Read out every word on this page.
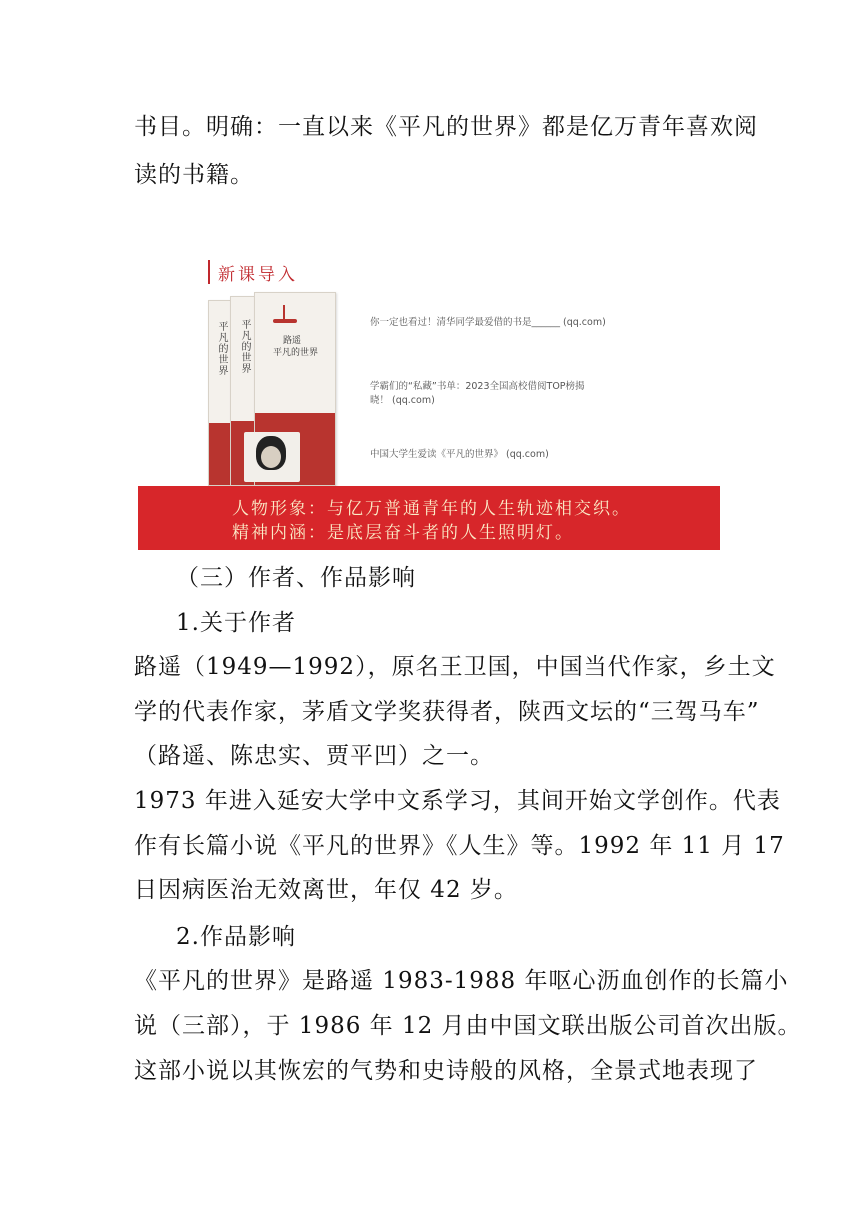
书目。明确：一直以来《平凡的世界》都是亿万青年喜欢阅
读的书籍。
新课导入
平凡的世界 平凡的世界	路遥
平凡的世界
你一定也看过！清华同学最爱借的书是______ (qq.com)
学霸们的“私藏”书单：2023全国高校借阅TOP榜揭
晓！ (qq.com)
中国大学生爱读《平凡的世界》 (qq.com)
人物形象：与亿万普通青年的人生轨迹相交织。
精神内涵：是底层奋斗者的人生照明灯。
（三）作者、作品影响
1.关于作者
路遥（1949—1992），原名王卫国，中国当代作家，乡土文
学的代表作家，茅盾文学奖获得者，陕西文坛的“三驾马车”
（路遥、陈忠实、贾平凹）之一。
1973 年进入延安大学中文系学习，其间开始文学创作。代表
作有长篇小说《平凡的世界》《人生》等。1992 年 11 月 17
日因病医治无效离世，年仅 42 岁。
2.作品影响
《平凡的世界》是路遥 1983-1988 年呕心沥血创作的长篇小
说（三部），于 1986 年 12 月由中国文联出版公司首次出版。
这部小说以其恢宏的气势和史诗般的风格，全景式地表现了
